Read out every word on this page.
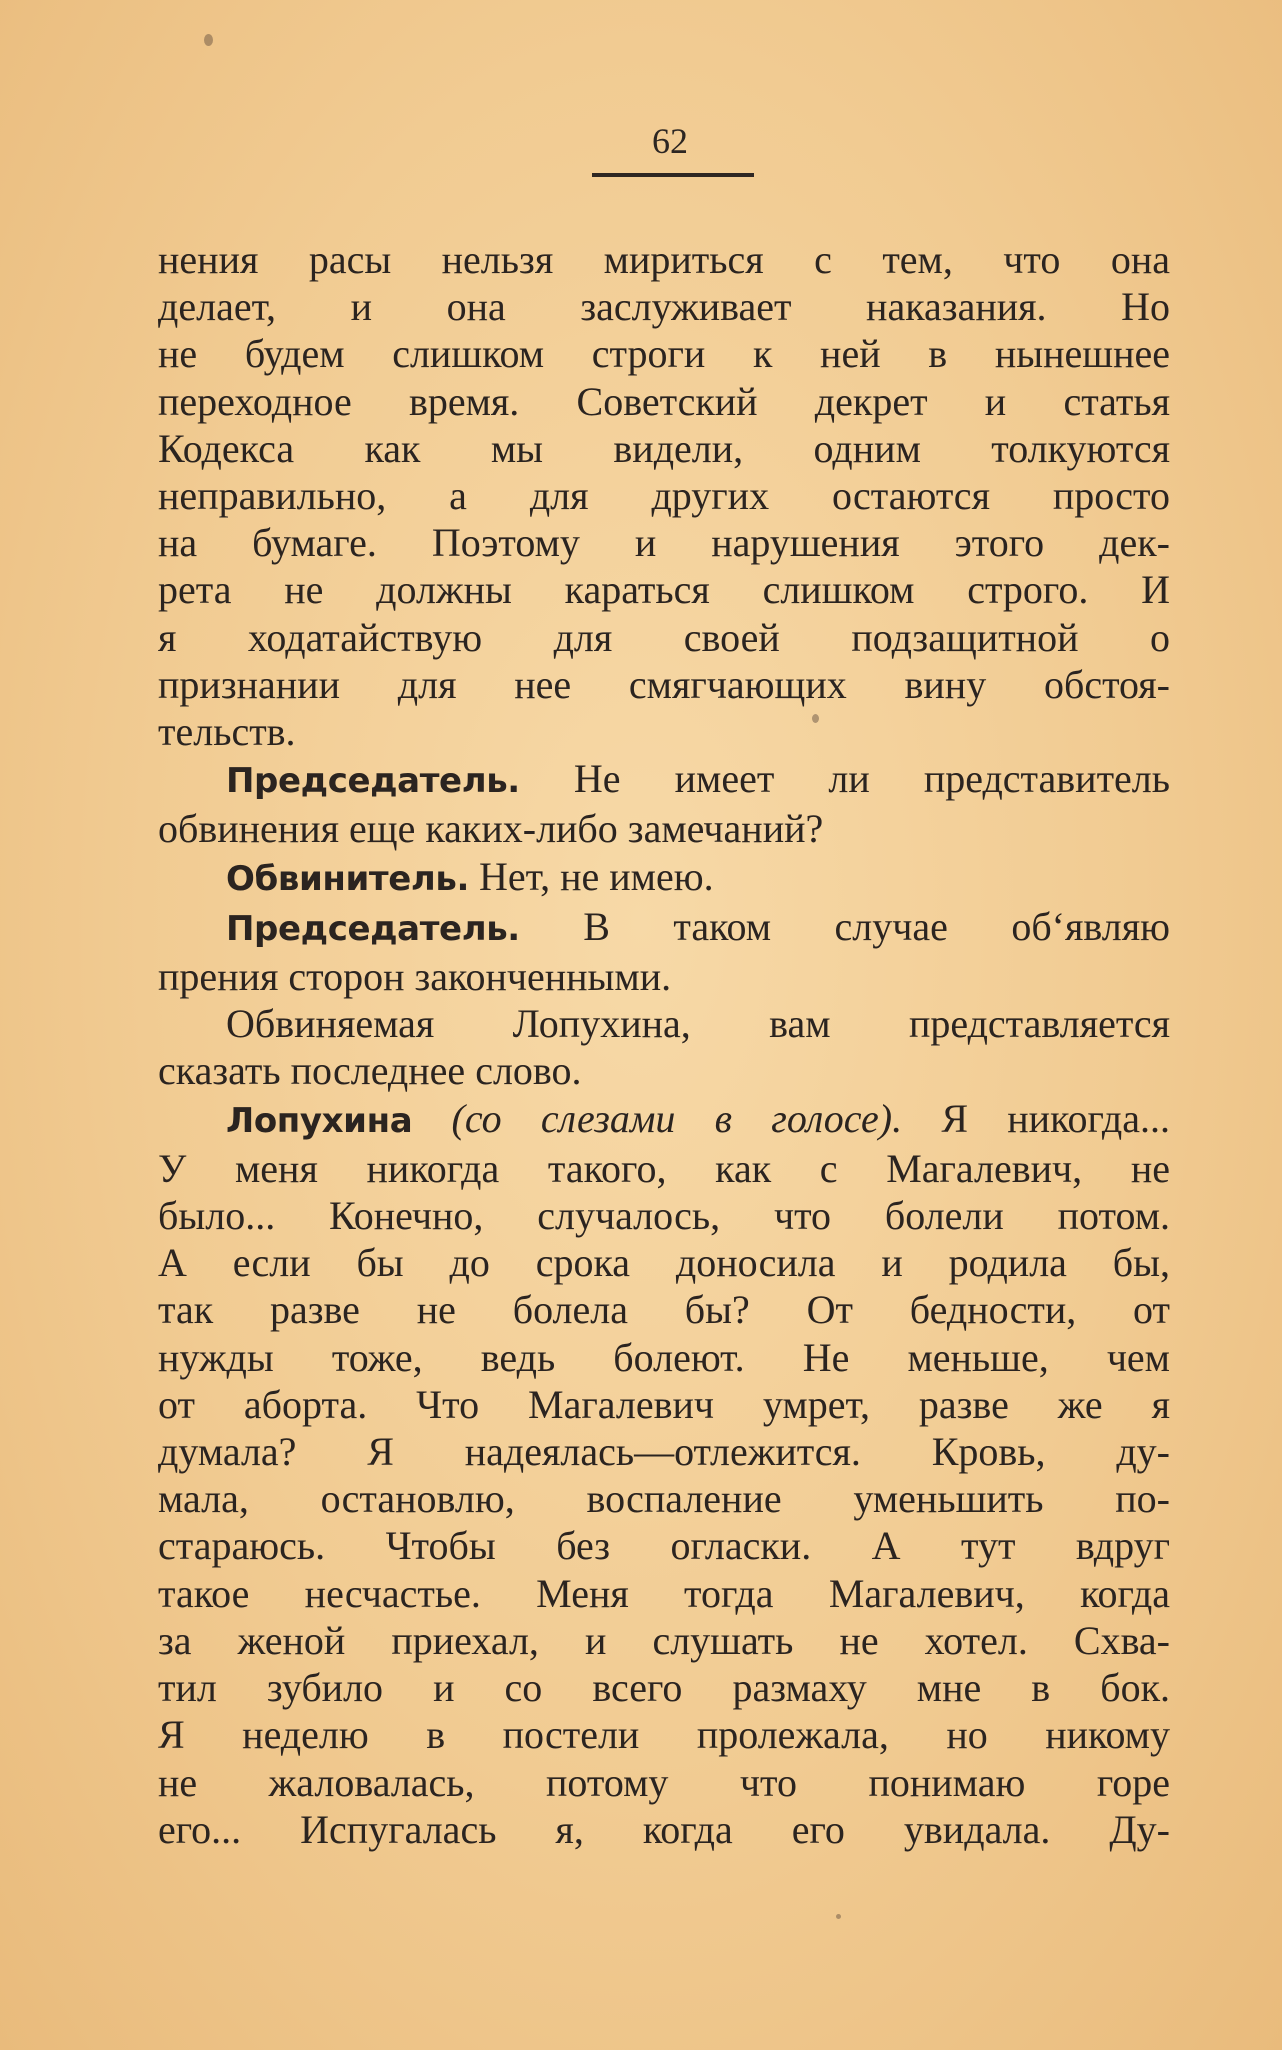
62
нения расы нельзя мириться с тем, что она
делает, и она заслуживает наказания. Но
не будем слишком строги к ней в нынешнее
переходное время. Советский декрет и статья
Кодекса как мы видели, одним толкуются
неправильно, а для другиx остаются просто
на бумаге. Поэтому и нарушения этого дек-
рета не должны караться слишком строго. И
я ходатайствую для своей подзащитной о
признании для нее смягчающих вину обстоя-
тельств.
Председатель. Не имеет ли представитель
обвинения еще каких-либо замечаний?
Обвинитель. Нет, не имею.
Председатель. В таком случае об‘являю
прения сторон законченными.
Обвиняемая Лопухина, вам представляется
сказать последнее слово.
Лопухина (со слезами в голосе). Я никогда...
У меня никогда такого, как с Магалевич, не
было... Конечно, случалось, что болели потом.
А если бы до срока доносила и родила бы,
так разве не болела бы? От бедности, от
нужды тоже, ведь болеют. Не меньше, чем
от аборта. Что Магалевич умрет, разве же я
думала? Я надеялась—отлежится. Кровь, ду-
мала, остановлю, воспаление уменьшить по-
стараюсь. Чтобы без огласки. А тут вдруг
такое несчастье. Меня тогда Магалевич, когда
за женой приехал, и слушать не хотел. Схва-
тил зубило и со всего размаху мне в бок.
Я неделю в постели пролежала, но никому
не жаловалась, потому что понимаю горе
его... Испугалась я, когда его увидала. Ду-
